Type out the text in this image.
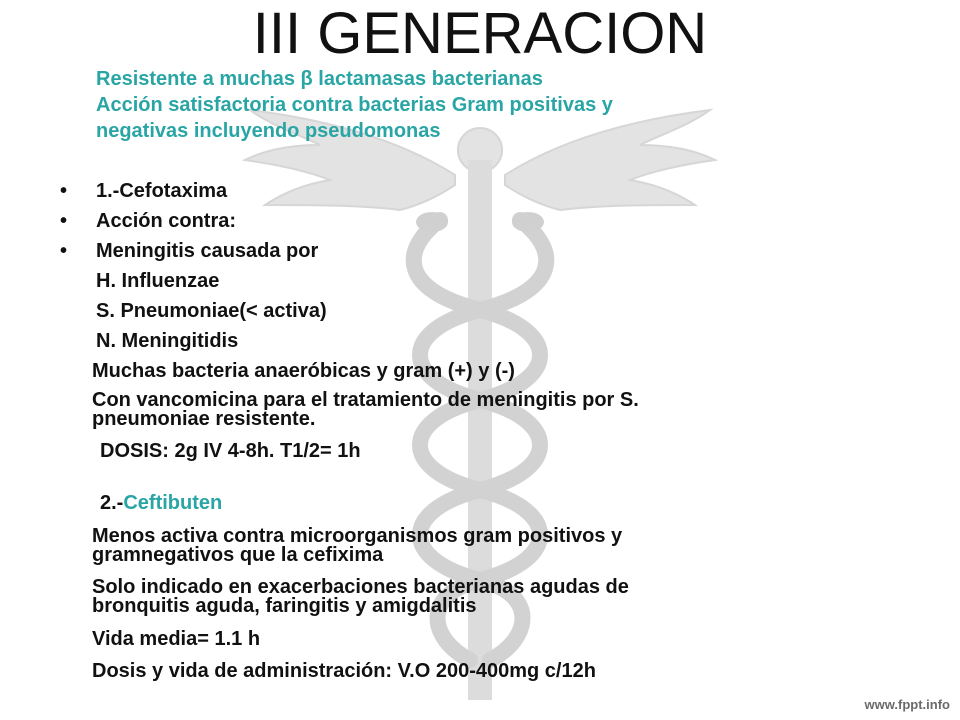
III GENERACION
Resistente a muchas β lactamasas bacterianas
Acción satisfactoria contra bacterias Gram positivas y
negativas incluyendo pseudomonas
• 1.-Cefotaxima
• Acción contra:
• Meningitis causada por
H. Influenzae
S. Pneumoniae(< activa)
N. Meningitidis
Muchas bacteria anaeróbicas y gram (+) y (-)
Con vancomicina para el tratamiento de meningitis por S.
pneumoniae resistente.
DOSIS: 2g IV 4-8h. T1/2= 1h
2.-Ceftibuten
Menos activa contra microorganismos gram positivos y
gramnegativos que la cefixima
Solo indicado en exacerbaciones bacterianas agudas de
bronquitis aguda, faringitis y amigdalitis
Vida media= 1.1 h
Dosis y vida de administración: V.O 200-400mg c/12h
www.fppt.info
